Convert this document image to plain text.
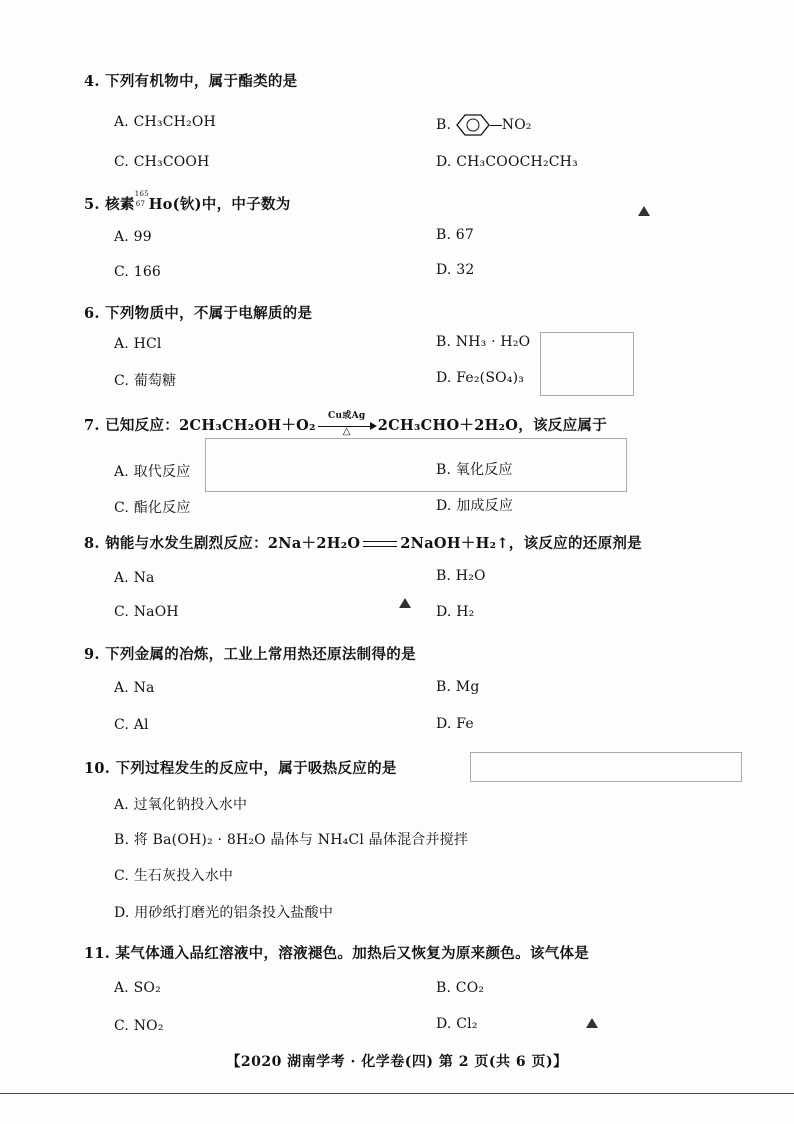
4. 下列有机物中，属于酯类的是
A. CH₃CH₂OH	B.	NO₂
C. CH₃COOH	D. CH₃COOCH₂CH₃
5. 核素
165
67 Ho(钬)中，中子数为
A. 99	B. 67
C. 166	D. 32
6. 下列物质中，不属于电解质的是
A. HCl	B. NH₃ · H₂O
C. 葡萄糖	D. Fe₂(SO₄)₃
7. 已知反应：2CH₃CH₂OH＋O₂
Cu或Ag
△	2CH₃CHO＋2H₂O，该反应属于
A. 取代反应	B. 氧化反应
C. 酯化反应	D. 加成反应
8. 钠能与水发生剧烈反应：2Na＋2H₂O	2NaOH＋H₂↑，该反应的还原剂是
A. Na	B. H₂O
C. NaOH	D. H₂
9. 下列金属的冶炼，工业上常用热还原法制得的是
A. Na	B. Mg
C. Al	D. Fe
10. 下列过程发生的反应中，属于吸热反应的是
A. 过氧化钠投入水中
B. 将 Ba(OH)₂ · 8H₂O 晶体与 NH₄Cl 晶体混合并搅拌
C. 生石灰投入水中
D. 用砂纸打磨光的铝条投入盐酸中
11. 某气体通入品红溶液中，溶液褪色。加热后又恢复为原来颜色。该气体是
A. SO₂	B. CO₂
C. NO₂	D. Cl₂
【2020 湖南学考 · 化学卷(四) 第 2 页(共 6 页)】
